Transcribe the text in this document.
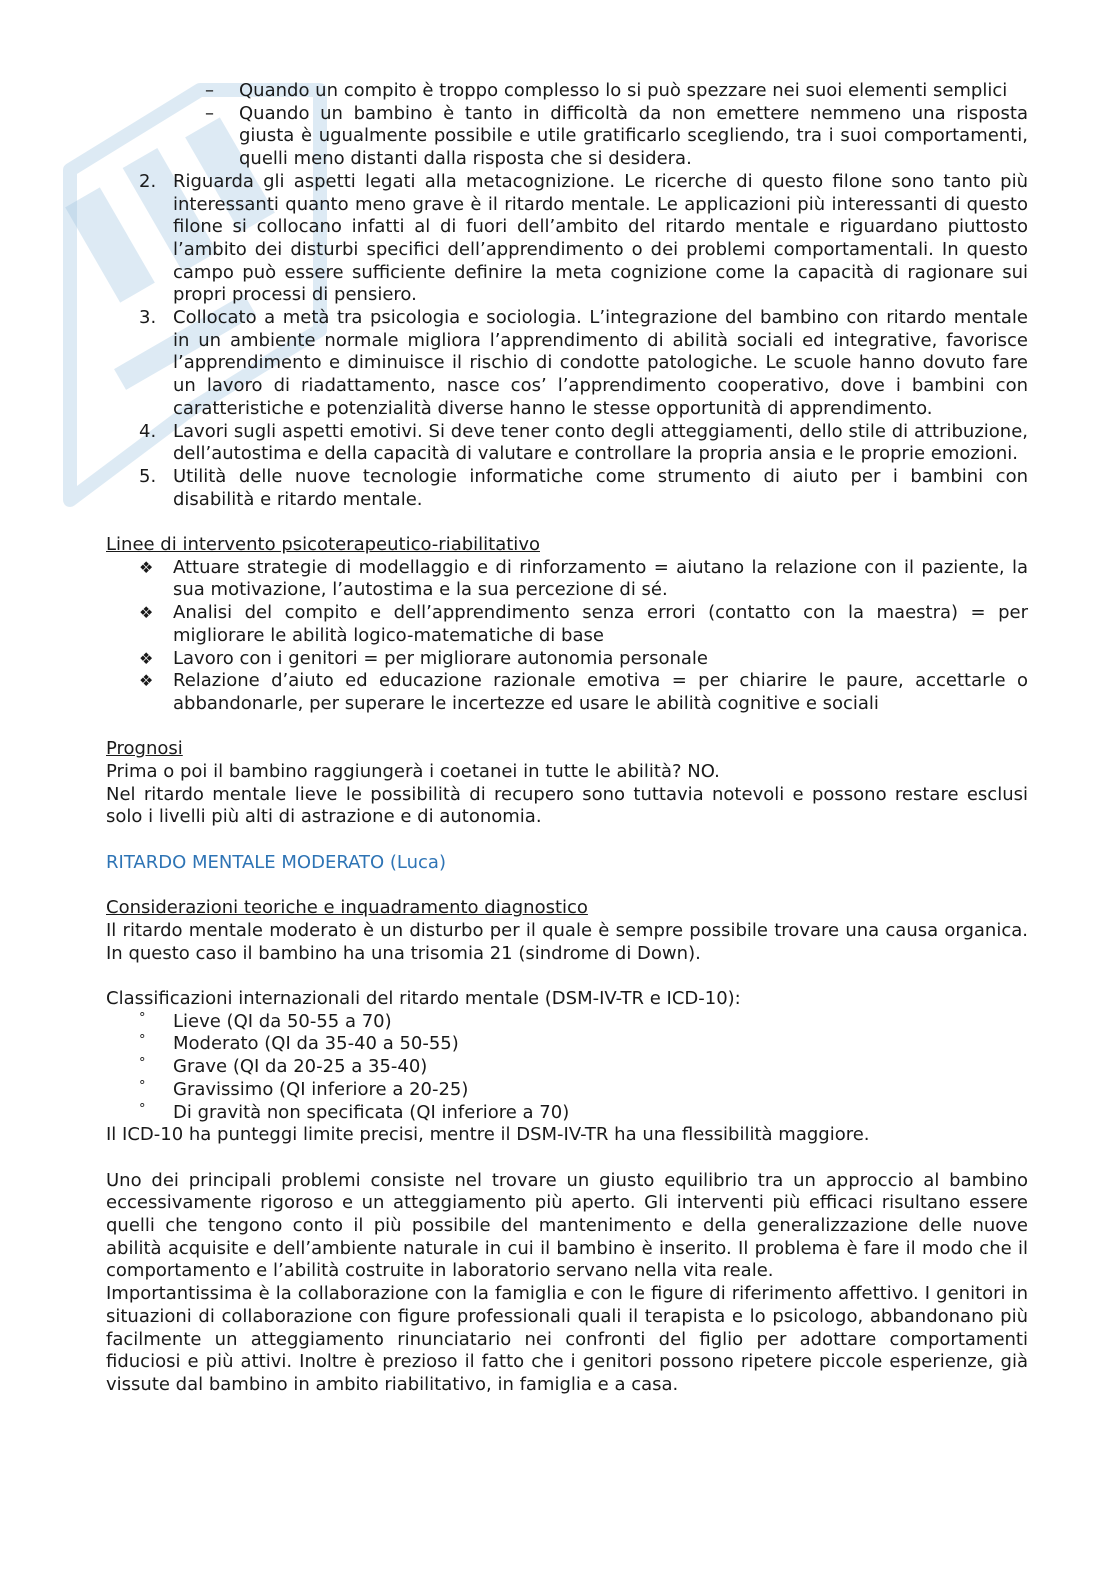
– Quando un compito è troppo complesso lo si può spezzare nei suoi elementi semplici
– Quando un bambino è tanto in difficoltà da non emettere nemmeno una risposta giusta è ugualmente possibile e utile gratificarlo scegliendo, tra i suoi comportamenti, quelli meno distanti dalla risposta che si desidera.
2. Riguarda gli aspetti legati alla metacognizione. Le ricerche di questo filone sono tanto più interessanti quanto meno grave è il ritardo mentale. Le applicazioni più interessanti di questo filone si collocano infatti al di fuori dell’ambito del ritardo mentale e riguardano piuttosto l’ambito dei disturbi specifici dell’apprendimento o dei problemi comportamentali. In questo campo può essere sufficiente definire la meta cognizione come la capacità di ragionare sui propri processi di pensiero.
3. Collocato a metà tra psicologia e sociologia. L’integrazione del bambino con ritardo mentale in un ambiente normale migliora l’apprendimento di abilità sociali ed integrative, favorisce l’apprendimento e diminuisce il rischio di condotte patologiche. Le scuole hanno dovuto fare un lavoro di riadattamento, nasce cos’ l’apprendimento cooperativo, dove i bambini con caratteristiche e potenzialità diverse hanno le stesse opportunità di apprendimento.
4. Lavori sugli aspetti emotivi. Si deve tener conto degli atteggiamenti, dello stile di attribuzione, dell’autostima e della capacità di valutare e controllare la propria ansia e le proprie emozioni.
5. Utilità delle nuove tecnologie informatiche come strumento di aiuto per i bambini con disabilità e ritardo mentale.

Linee di intervento psicoterapeutico-riabilitativo

❖ Attuare strategie di modellaggio e di rinforzamento = aiutano la relazione con il paziente, la sua motivazione, l’autostima e la sua percezione di sé.
❖ Analisi del compito e dell’apprendimento senza errori (contatto con la maestra) = per migliorare le abilità logico-matematiche di base
❖ Lavoro con i genitori = per migliorare autonomia personale
❖ Relazione d’aiuto ed educazione razionale emotiva = per chiarire le paure, accettarle o abbandonarle, per superare le incertezze ed usare le abilità cognitive e sociali

Prognosi

Prima o poi il bambino raggiungerà i coetanei in tutte le abilità? NO.

Nel ritardo mentale lieve le possibilità di recupero sono tuttavia notevoli e possono restare esclusi solo i livelli più alti di astrazione e di autonomia.

RITARDO MENTALE MODERATO (Luca)

Considerazioni teoriche e inquadramento diagnostico

Il ritardo mentale moderato è un disturbo per il quale è sempre possibile trovare una causa organica. In questo caso il bambino ha una trisomia 21 (sindrome di Down).

Classificazioni internazionali del ritardo mentale (DSM-IV-TR e ICD-10):

° Lieve (QI da 50-55 a 70)
° Moderato (QI da 35-40 a 50-55)
° Grave (QI da 20-25 a 35-40)
° Gravissimo (QI inferiore a 20-25)
° Di gravità non specificata (QI inferiore a 70)

Il ICD-10 ha punteggi limite precisi, mentre il DSM-IV-TR ha una flessibilità maggiore.

Uno dei principali problemi consiste nel trovare un giusto equilibrio tra un approccio al bambino eccessivamente rigoroso e un atteggiamento più aperto. Gli interventi più efficaci risultano essere quelli che tengono conto il più possibile del mantenimento e della generalizzazione delle nuove abilità acquisite e dell’ambiente naturale in cui il bambino è inserito. Il problema è fare il modo che il comportamento e l’abilità costruite in laboratorio servano nella vita reale.

Importantissima è la collaborazione con la famiglia e con le figure di riferimento affettivo. I genitori in situazioni di collaborazione con figure professionali quali il terapista e lo psicologo, abbandonano più facilmente un atteggiamento rinunciatario nei confronti del figlio per adottare comportamenti fiduciosi e più attivi. Inoltre è prezioso il fatto che i genitori possono ripetere piccole esperienze, già vissute dal bambino in ambito riabilitativo, in famiglia e a casa.
